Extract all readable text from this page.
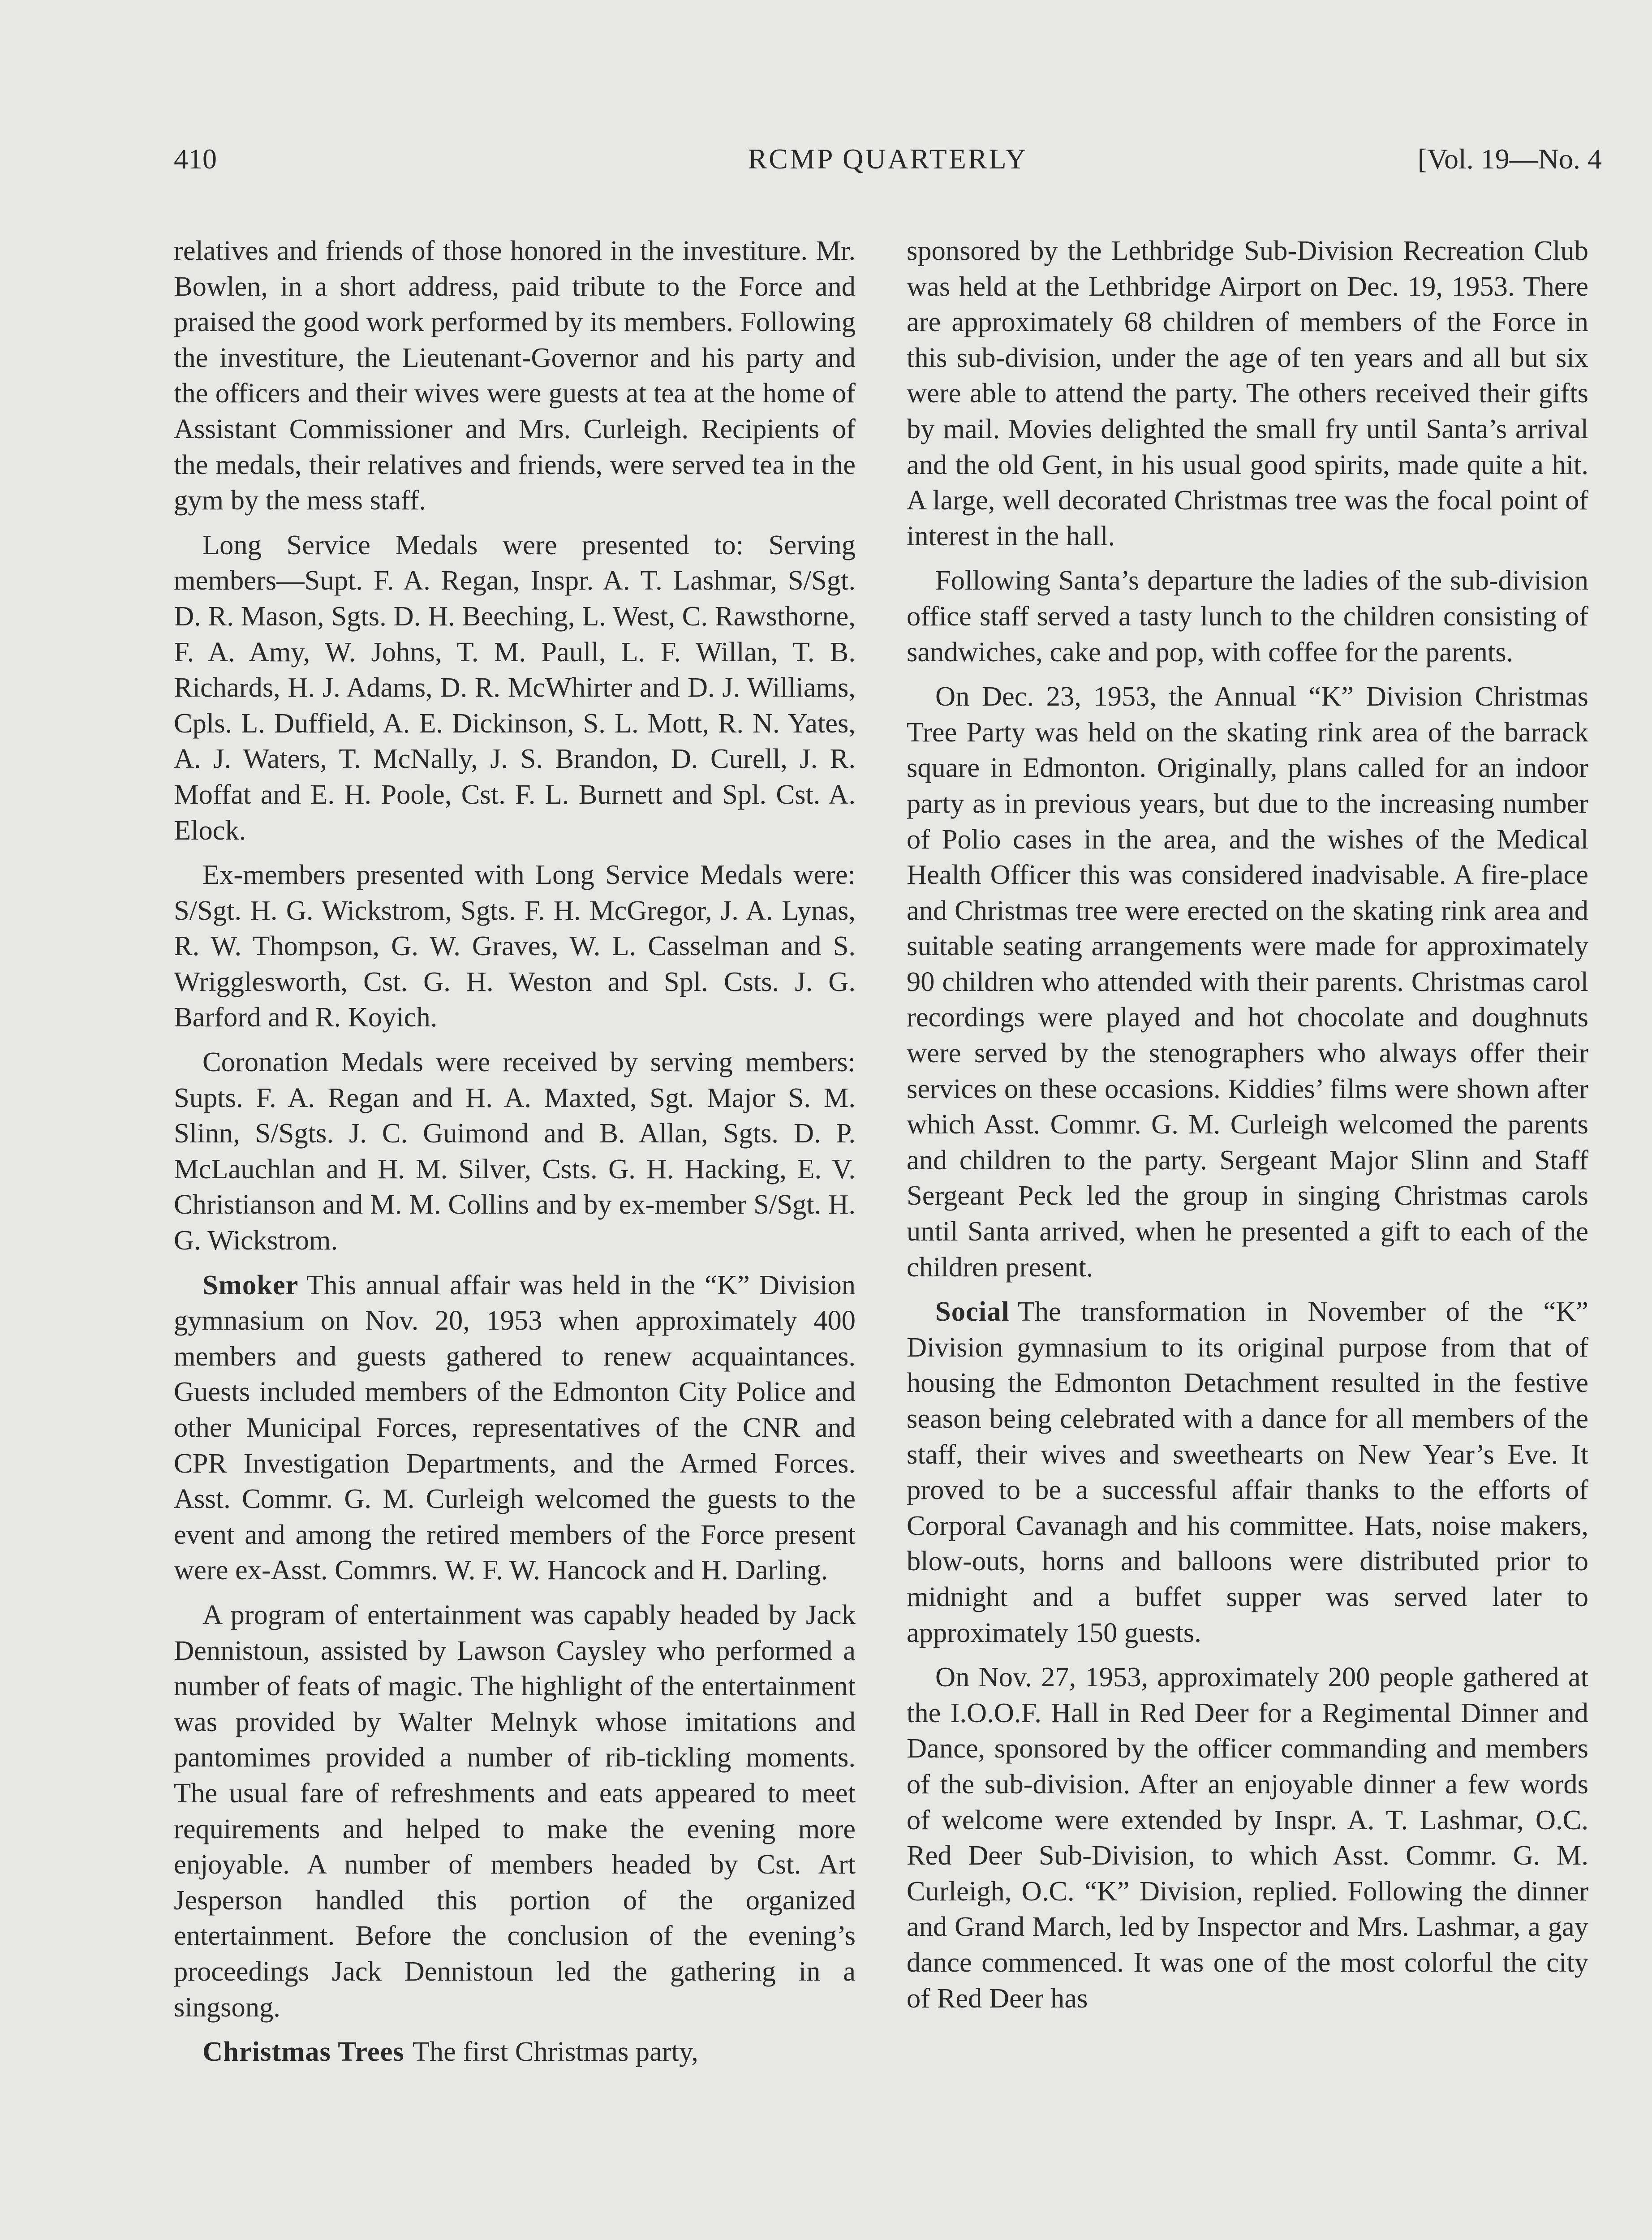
410	RCMP QUARTERLY	[Vol. 19—No. 4

relatives and friends of those honored in the investiture. Mr. Bowlen, in a short address, paid tribute to the Force and praised the good work performed by its members. Following the investiture, the Lieutenant-Governor and his party and the officers and their wives were guests at tea at the home of Assistant Commissioner and Mrs. Curleigh. Recipients of the medals, their relatives and friends, were served tea in the gym by the mess staff.

Long Service Medals were presented to: Serving members—Supt. F. A. Regan, Inspr. A. T. Lashmar, S/Sgt. D. R. Mason, Sgts. D. H. Beeching, L. West, C. Rawsthorne, F. A. Amy, W. Johns, T. M. Paull, L. F. Willan, T. B. Richards, H. J. Adams, D. R. McWhirter and D. J. Williams, Cpls. L. Duffield, A. E. Dickinson, S. L. Mott, R. N. Yates, A. J. Waters, T. McNally, J. S. Brandon, D. Curell, J. R. Moffat and E. H. Poole, Cst. F. L. Burnett and Spl. Cst. A. Elock.

Ex-members presented with Long Service Medals were: S/Sgt. H. G. Wickstrom, Sgts. F. H. McGregor, J. A. Lynas, R. W. Thompson, G. W. Graves, W. L. Casselman and S. Wrigglesworth, Cst. G. H. Weston and Spl. Csts. J. G. Barford and R. Koyich.

Coronation Medals were received by serving members: Supts. F. A. Regan and H. A. Maxted, Sgt. Major S. M. Slinn, S/Sgts. J. C. Guimond and B. Allan, Sgts. D. P. McLauchlan and H. M. Silver, Csts. G. H. Hacking, E. V. Christianson and M. M. Collins and by ex-member S/Sgt. H. G. Wickstrom.

Smoker This annual affair was held in the “K” Division gymnasium on Nov. 20, 1953 when approximately 400 members and guests gathered to renew acquaintances. Guests included members of the Edmonton City Police and other Municipal Forces, representatives of the CNR and CPR Investigation Departments, and the Armed Forces. Asst. Commr. G. M. Curleigh welcomed the guests to the event and among the retired members of the Force present were ex-Asst. Commrs. W. F. W. Hancock and H. Darling.

A program of entertainment was capably headed by Jack Dennistoun, assisted by Lawson Caysley who performed a number of feats of magic. The highlight of the entertainment was provided by Walter Melnyk whose imitations and pantomimes provided a number of rib-tickling moments. The usual fare of refreshments and eats appeared to meet requirements and helped to make the evening more enjoyable. A number of members headed by Cst. Art Jesperson handled this portion of the organized entertainment. Before the conclusion of the evening’s proceedings Jack Dennistoun led the gathering in a singsong.

Christmas Trees The first Christmas party,

sponsored by the Lethbridge Sub-Division Recreation Club was held at the Lethbridge Airport on Dec. 19, 1953. There are approximately 68 children of members of the Force in this sub-division, under the age of ten years and all but six were able to attend the party. The others received their gifts by mail. Movies delighted the small fry until Santa’s arrival and the old Gent, in his usual good spirits, made quite a hit. A large, well decorated Christmas tree was the focal point of interest in the hall.

Following Santa’s departure the ladies of the sub-division office staff served a tasty lunch to the children consisting of sandwiches, cake and pop, with coffee for the parents.

On Dec. 23, 1953, the Annual “K” Division Christmas Tree Party was held on the skating rink area of the barrack square in Edmonton. Originally, plans called for an indoor party as in previous years, but due to the increasing number of Polio cases in the area, and the wishes of the Medical Health Officer this was considered inadvisable. A fire-place and Christmas tree were erected on the skating rink area and suitable seating arrangements were made for approximately 90 children who attended with their parents. Christmas carol recordings were played and hot chocolate and doughnuts were served by the stenographers who always offer their services on these occasions. Kiddies’ films were shown after which Asst. Commr. G. M. Curleigh welcomed the parents and children to the party. Sergeant Major Slinn and Staff Sergeant Peck led the group in singing Christmas carols until Santa arrived, when he presented a gift to each of the children present.

Social The transformation in November of the “K” Division gymnasium to its original purpose from that of housing the Edmonton Detachment resulted in the festive season being celebrated with a dance for all members of the staff, their wives and sweethearts on New Year’s Eve. It proved to be a successful affair thanks to the efforts of Corporal Cavanagh and his committee. Hats, noise makers, blow-outs, horns and balloons were distributed prior to midnight and a buffet supper was served later to approximately 150 guests.

On Nov. 27, 1953, approximately 200 people gathered at the I.O.O.F. Hall in Red Deer for a Regimental Dinner and Dance, sponsored by the officer commanding and members of the sub-division. After an enjoyable dinner a few words of welcome were extended by Inspr. A. T. Lashmar, O.C. Red Deer Sub-Division, to which Asst. Commr. G. M. Curleigh, O.C. “K” Division, replied. Following the dinner and Grand March, led by Inspector and Mrs. Lashmar, a gay dance commenced. It was one of the most colorful the city of Red Deer has
